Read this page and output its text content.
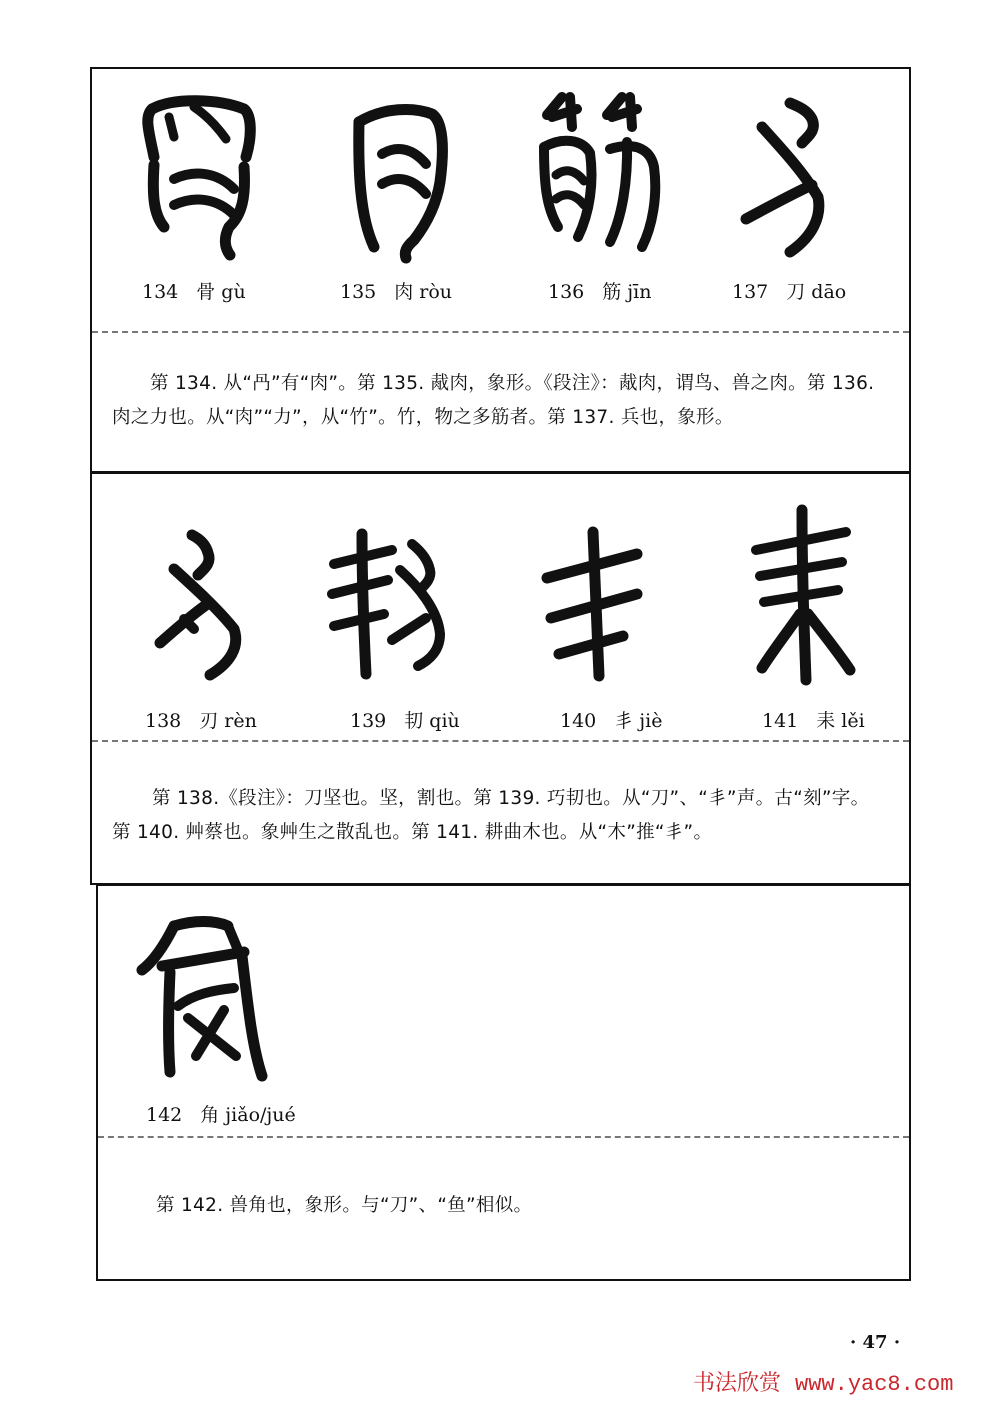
134 骨 gù	135 肉 ròu	136 筋 jīn	137 刀 dāo

第 134. 从“冎”有“肉”。第 135. 胾肉，象形。《段注》：胾肉，谓鸟、兽之肉。第 136.

肉之力也。从“肉”“力”，从“竹”。竹，物之多筋者。第 137. 兵也，象形。

138 刃 rèn	139 㓞 qiù	140 丯 jiè	141 耒 lěi

第 138.《段注》：刀坚也。坚，割也。第 139. 巧㓞也。从“刀”、“丯”声。古“刻”字。

第 140. 艸蔡也。象艸生之散乱也。第 141. 耕曲木也。从“木”推“丯”。

142 角 jiǎo/jué

第 142. 兽角也，象形。与“刀”、“鱼”相似。

· 47 ·
书法欣赏 www.yac8.com
